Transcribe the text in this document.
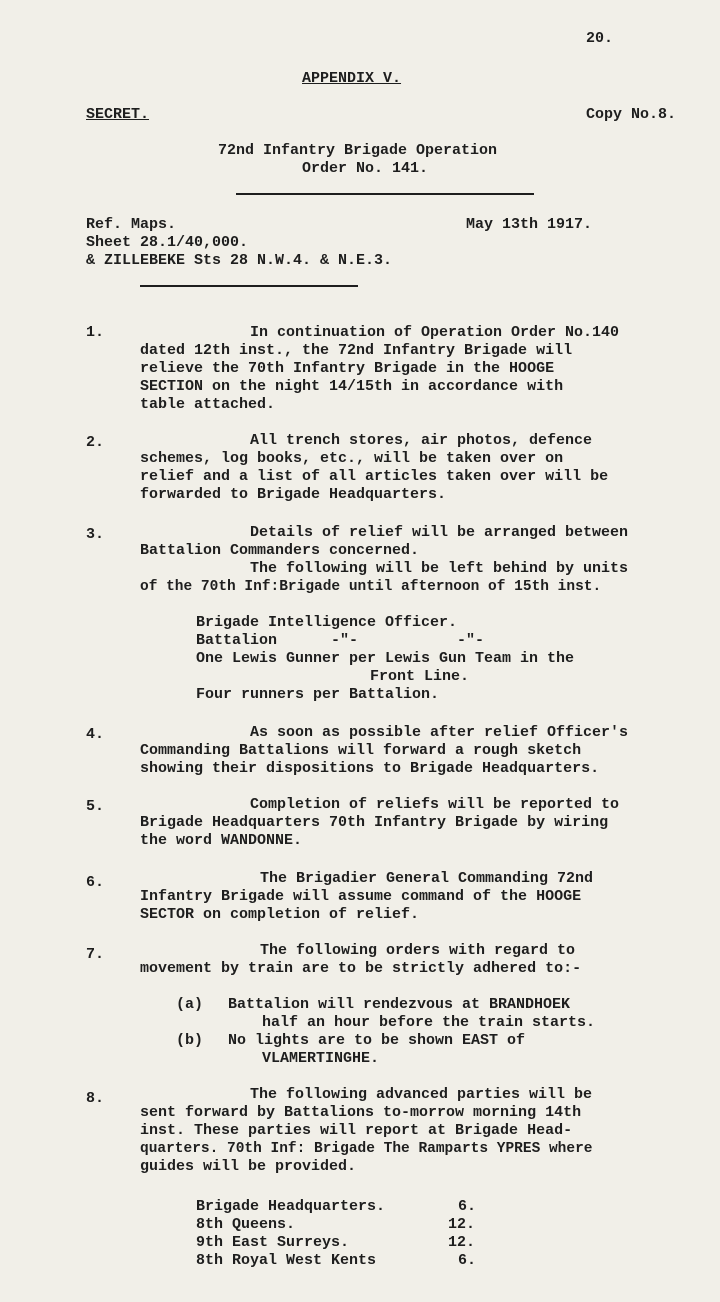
20.
APPENDIX V.
SECRET.	Copy No.8.
72nd Infantry Brigade Operation
Order No. 141.
Ref. Maps.	May 13th 1917.
Sheet 28.1/40,000.
& ZILLEBEKE Sts 28 N.W.4. & N.E.3.
1.	In continuation of Operation Order No.140
dated 12th inst., the 72nd Infantry Brigade will
relieve the 70th Infantry Brigade in the HOOGE
SECTION on the night 14/15th in accordance with
table attached.
2.	All trench stores, air photos, defence
schemes, log books, etc., will be taken over on
relief and a list of all articles taken over will be
forwarded to Brigade Headquarters.
3.	Details of relief will be arranged between
Battalion Commanders concerned.
The following will be left behind by units
of the 70th Inf:Brigade until afternoon of 15th inst.
Brigade Intelligence Officer.
Battalion      -"-           -"-
One Lewis Gunner per Lewis Gun Team in the
Front Line.
Four runners per Battalion.
4.	As soon as possible after relief Officer's
Commanding Battalions will forward a rough sketch
showing their dispositions to Brigade Headquarters.
5.	Completion of reliefs will be reported to
Brigade Headquarters 70th Infantry Brigade by wiring
the word WANDONNE.
6.	The Brigadier General Commanding 72nd
Infantry Brigade will assume command of the HOOGE
SECTOR on completion of relief.
7.	The following orders with regard to
movement by train are to be strictly adhered to:-
(a) Battalion will rendezvous at BRANDHOEK
half an hour before the train starts.
(b) No lights are to be shown EAST of
VLAMERTINGHE.
8.	The following advanced parties will be
sent forward by Battalions to-morrow morning 14th
inst. These parties will report at Brigade Head-
quarters. 70th Inf: Brigade The Ramparts YPRES where
guides will be provided.
Brigade Headquarters.	6.
8th Queens.	12.
9th East Surreys.	12.
8th Royal West Kents	6.
